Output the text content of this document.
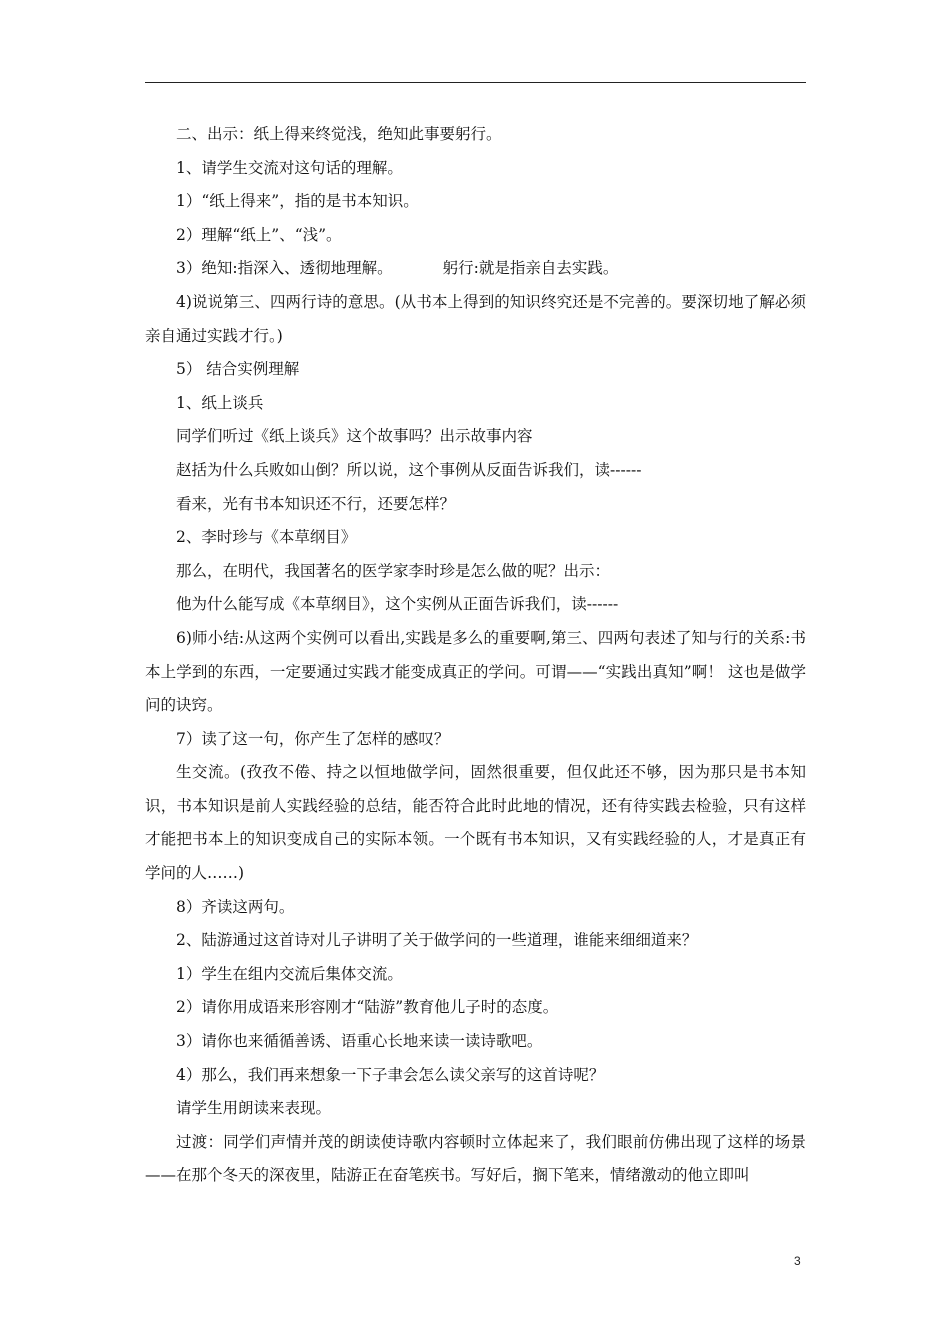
二、出示：纸上得来终觉浅，绝知此事要躬行。

1、请学生交流对这句话的理解。

1）“纸上得来”，指的是书本知识。

2）理解“纸上”、“浅”。

3）绝知:指深入、透彻地理解。	躬行:就是指亲自去实践。

4)说说第三、四两行诗的意思。(从书本上得到的知识终究还是不完善的。要深切地了解必须亲自通过实践才行。)

5） 结合实例理解

1、纸上谈兵

同学们听过《纸上谈兵》这个故事吗？出示故事内容

赵括为什么兵败如山倒？所以说，这个事例从反面告诉我们，读------

看来，光有书本知识还不行，还要怎样？

2、李时珍与《本草纲目》

那么，在明代，我国著名的医学家李时珍是怎么做的呢？出示：

他为什么能写成《本草纲目》，这个实例从正面告诉我们，读------

6)师小结:从这两个实例可以看出,实践是多么的重要啊,第三、四两句表述了知与行的关系:书本上学到的东西，一定要通过实践才能变成真正的学问。可谓——“实践出真知”啊！ 这也是做学问的诀窍。

7）读了这一句，你产生了怎样的感叹？

生交流。(孜孜不倦、持之以恒地做学问，固然很重要，但仅此还不够，因为那只是书本知识，书本知识是前人实践经验的总结，能否符合此时此地的情况，还有待实践去检验，只有这样才能把书本上的知识变成自己的实际本领。一个既有书本知识，又有实践经验的人，才是真正有学问的人……)

8）齐读这两句。

2、陆游通过这首诗对儿子讲明了关于做学问的一些道理，谁能来细细道来？

1）学生在组内交流后集体交流。

2）请你用成语来形容刚才“陆游”教育他儿子时的态度。

3）请你也来循循善诱、语重心长地来读一读诗歌吧。

4）那么，我们再来想象一下子聿会怎么读父亲写的这首诗呢？

请学生用朗读来表现。

过渡：同学们声情并茂的朗读使诗歌内容顿时立体起来了，我们眼前仿佛出现了这样的场景——在那个冬天的深夜里，陆游正在奋笔疾书。写好后，搁下笔来，情绪激动的他立即叫

3
